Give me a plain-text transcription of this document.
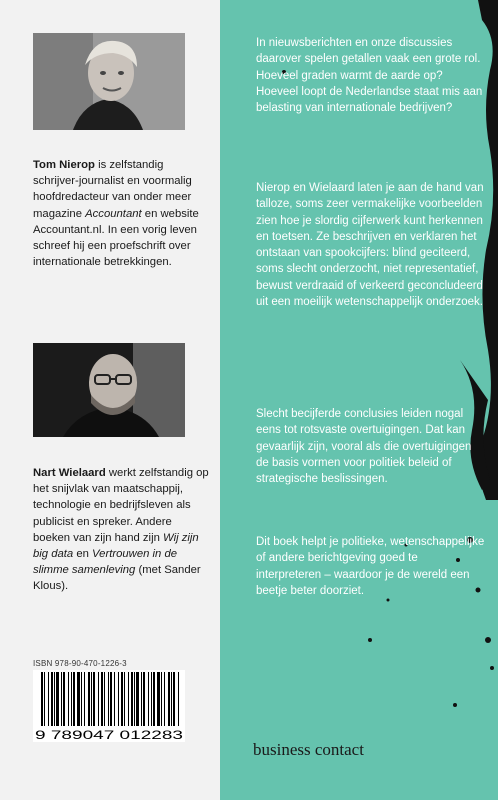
Tom Nierop is zelfstandig schrijver-journalist en voormalig hoofdredacteur van onder meer magazine Accountant en website Accountant.nl. In een vorig leven schreef hij een proefschrift over internationale betrekkingen.

Nart Wielaard werkt zelfstandig op het snijvlak van maatschappij, technologie en bedrijfsleven als publicist en spreker. Andere boeken van zijn hand zijn Wij zijn big data en Vertrouwen in de slimme samenleving (met Sander Klous).

ISBN 978-90-470-1226-3
9 789047 012283

In nieuwsberichten en onze discussies daarover spelen getallen vaak een grote rol. Hoeveel graden warmt de aarde op? Hoeveel loopt de Nederlandse staat mis aan belasting van internationale bedrijven?

Nierop en Wielaard laten je aan de hand van talloze, soms zeer vermakelijke voorbeelden zien hoe je slordig cijferwerk kunt herkennen en toetsen. Ze beschrijven en verklaren het ontstaan van spookcijfers: blind geciteerd, soms slecht onderzocht, niet representatief, bewust verdraaid of verkeerd geconcludeerd uit een moeilijk wetenschappelijk onderzoek.

Slecht becijferde conclusies leiden nogal eens tot rotsvaste overtuigingen. Dat kan gevaarlijk zijn, vooral als die overtuigingen de basis vormen voor politiek beleid of strategische beslissingen.

Dit boek helpt je politieke, wetenschappelijke of andere berichtgeving goed te interpreteren – waardoor je de wereld een beetje beter doorziet.

business contact
